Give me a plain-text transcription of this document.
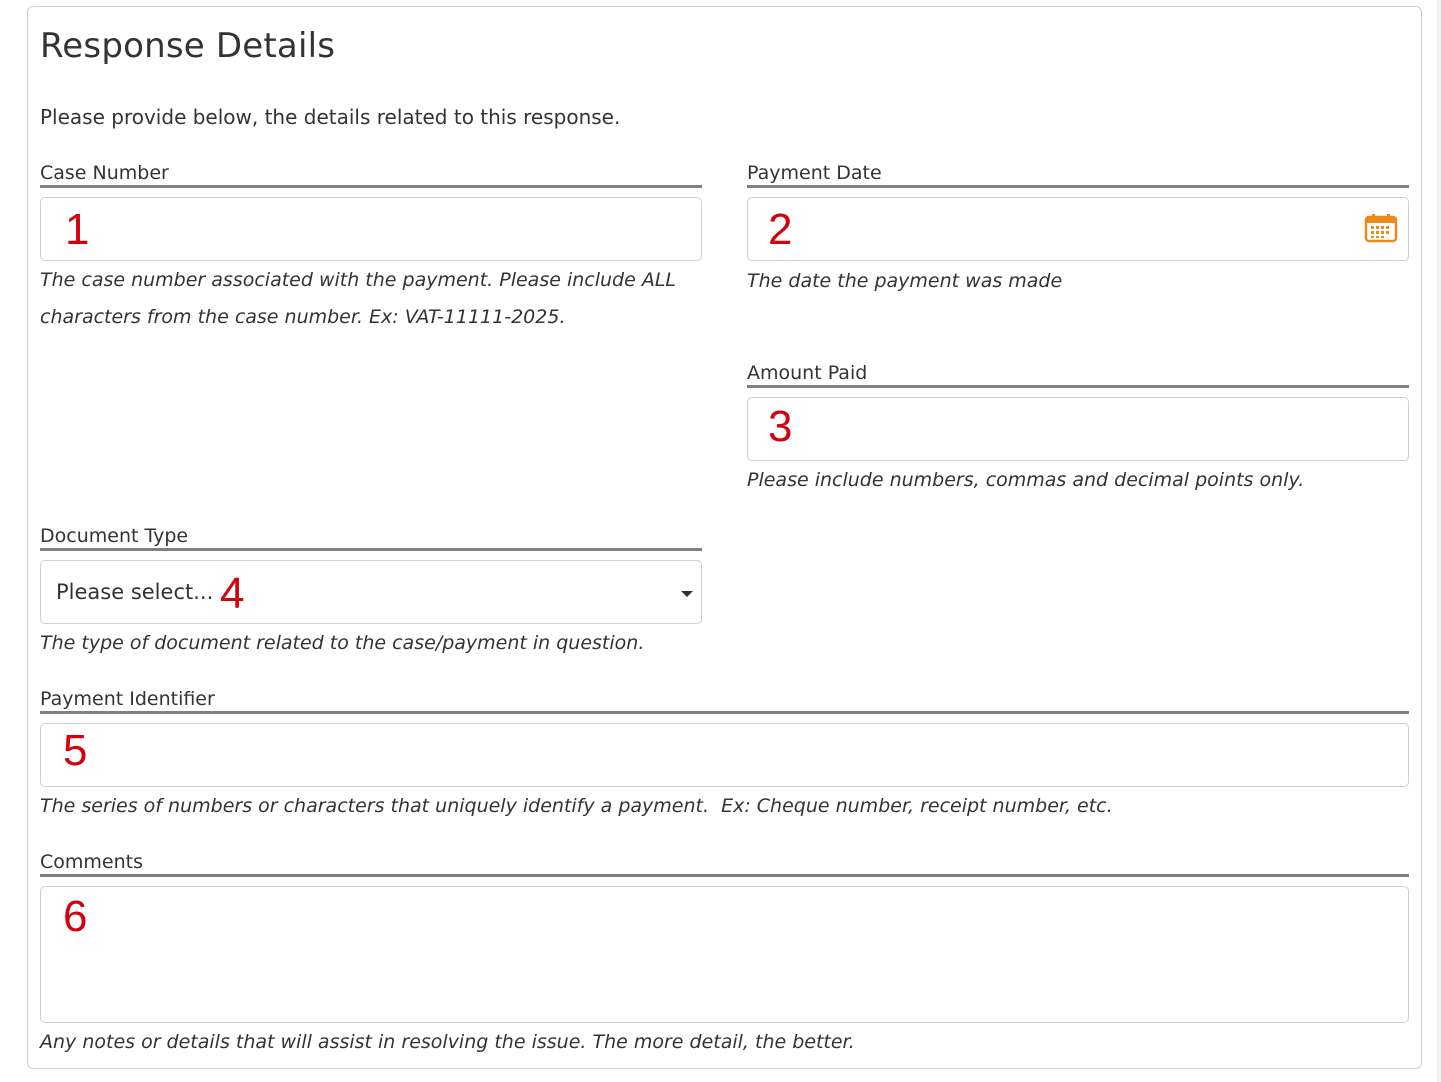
Response Details
Please provide below, the details related to this response.
Case Number
1
The case number associated with the payment. Please include ALL
characters from the case number. Ex: VAT-11111-2025.
Payment Date
2
The date the payment was made
Amount Paid
3
Please include numbers, commas and decimal points only.
Document Type
Please select... 4
The type of document related to the case/payment in question.
Payment Identifier
5
The series of numbers or characters that uniquely identify a payment.  Ex: Cheque number, receipt number, etc.
Comments
6
Any notes or details that will assist in resolving the issue. The more detail, the better.
